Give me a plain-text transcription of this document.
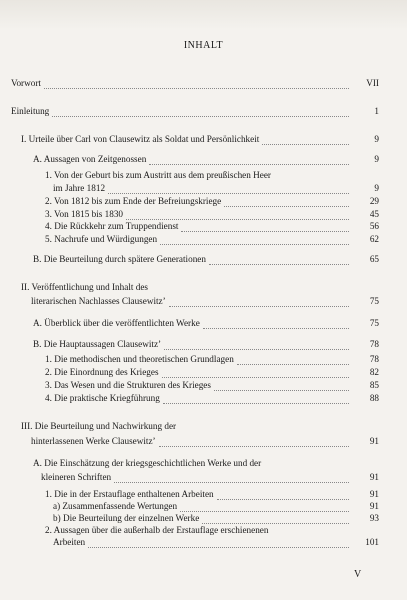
INHALT
Vorwort	VII
Einleitung	1
I. Urteile über Carl von Clausewitz als Soldat und Persönlichkeit	9
A. Aussagen von Zeitgenossen	9
1. Von der Geburt bis zum Austritt aus dem preußischen Heer
im Jahre 1812	9
2. Von 1812 bis zum Ende der Befreiungskriege	29
3. Von 1815 bis 1830	45
4. Die Rückkehr zum Truppendienst	56
5. Nachrufe und Würdigungen	62
B. Die Beurteilung durch spätere Generationen	65
II. Veröffentlichung und Inhalt des
literarischen Nachlasses Clausewitz’	75
A. Überblick über die veröffentlichten Werke	75
B. Die Hauptaussagen Clausewitz’	78
1. Die methodischen und theoretischen Grundlagen	78
2. Die Einordnung des Krieges	82
3. Das Wesen und die Strukturen des Krieges	85
4. Die praktische Kriegführung	88
III. Die Beurteilung und Nachwirkung der
hinterlassenen Werke Clausewitz’	91
A. Die Einschätzung der kriegsgeschichtlichen Werke und der
kleineren Schriften	91
1. Die in der Erstauflage enthaltenen Arbeiten	91
a) Zusammenfassende Wertungen	91
b) Die Beurteilung der einzelnen Werke	93
2. Aussagen über die außerhalb der Erstauflage erschienenen
Arbeiten	101
V
